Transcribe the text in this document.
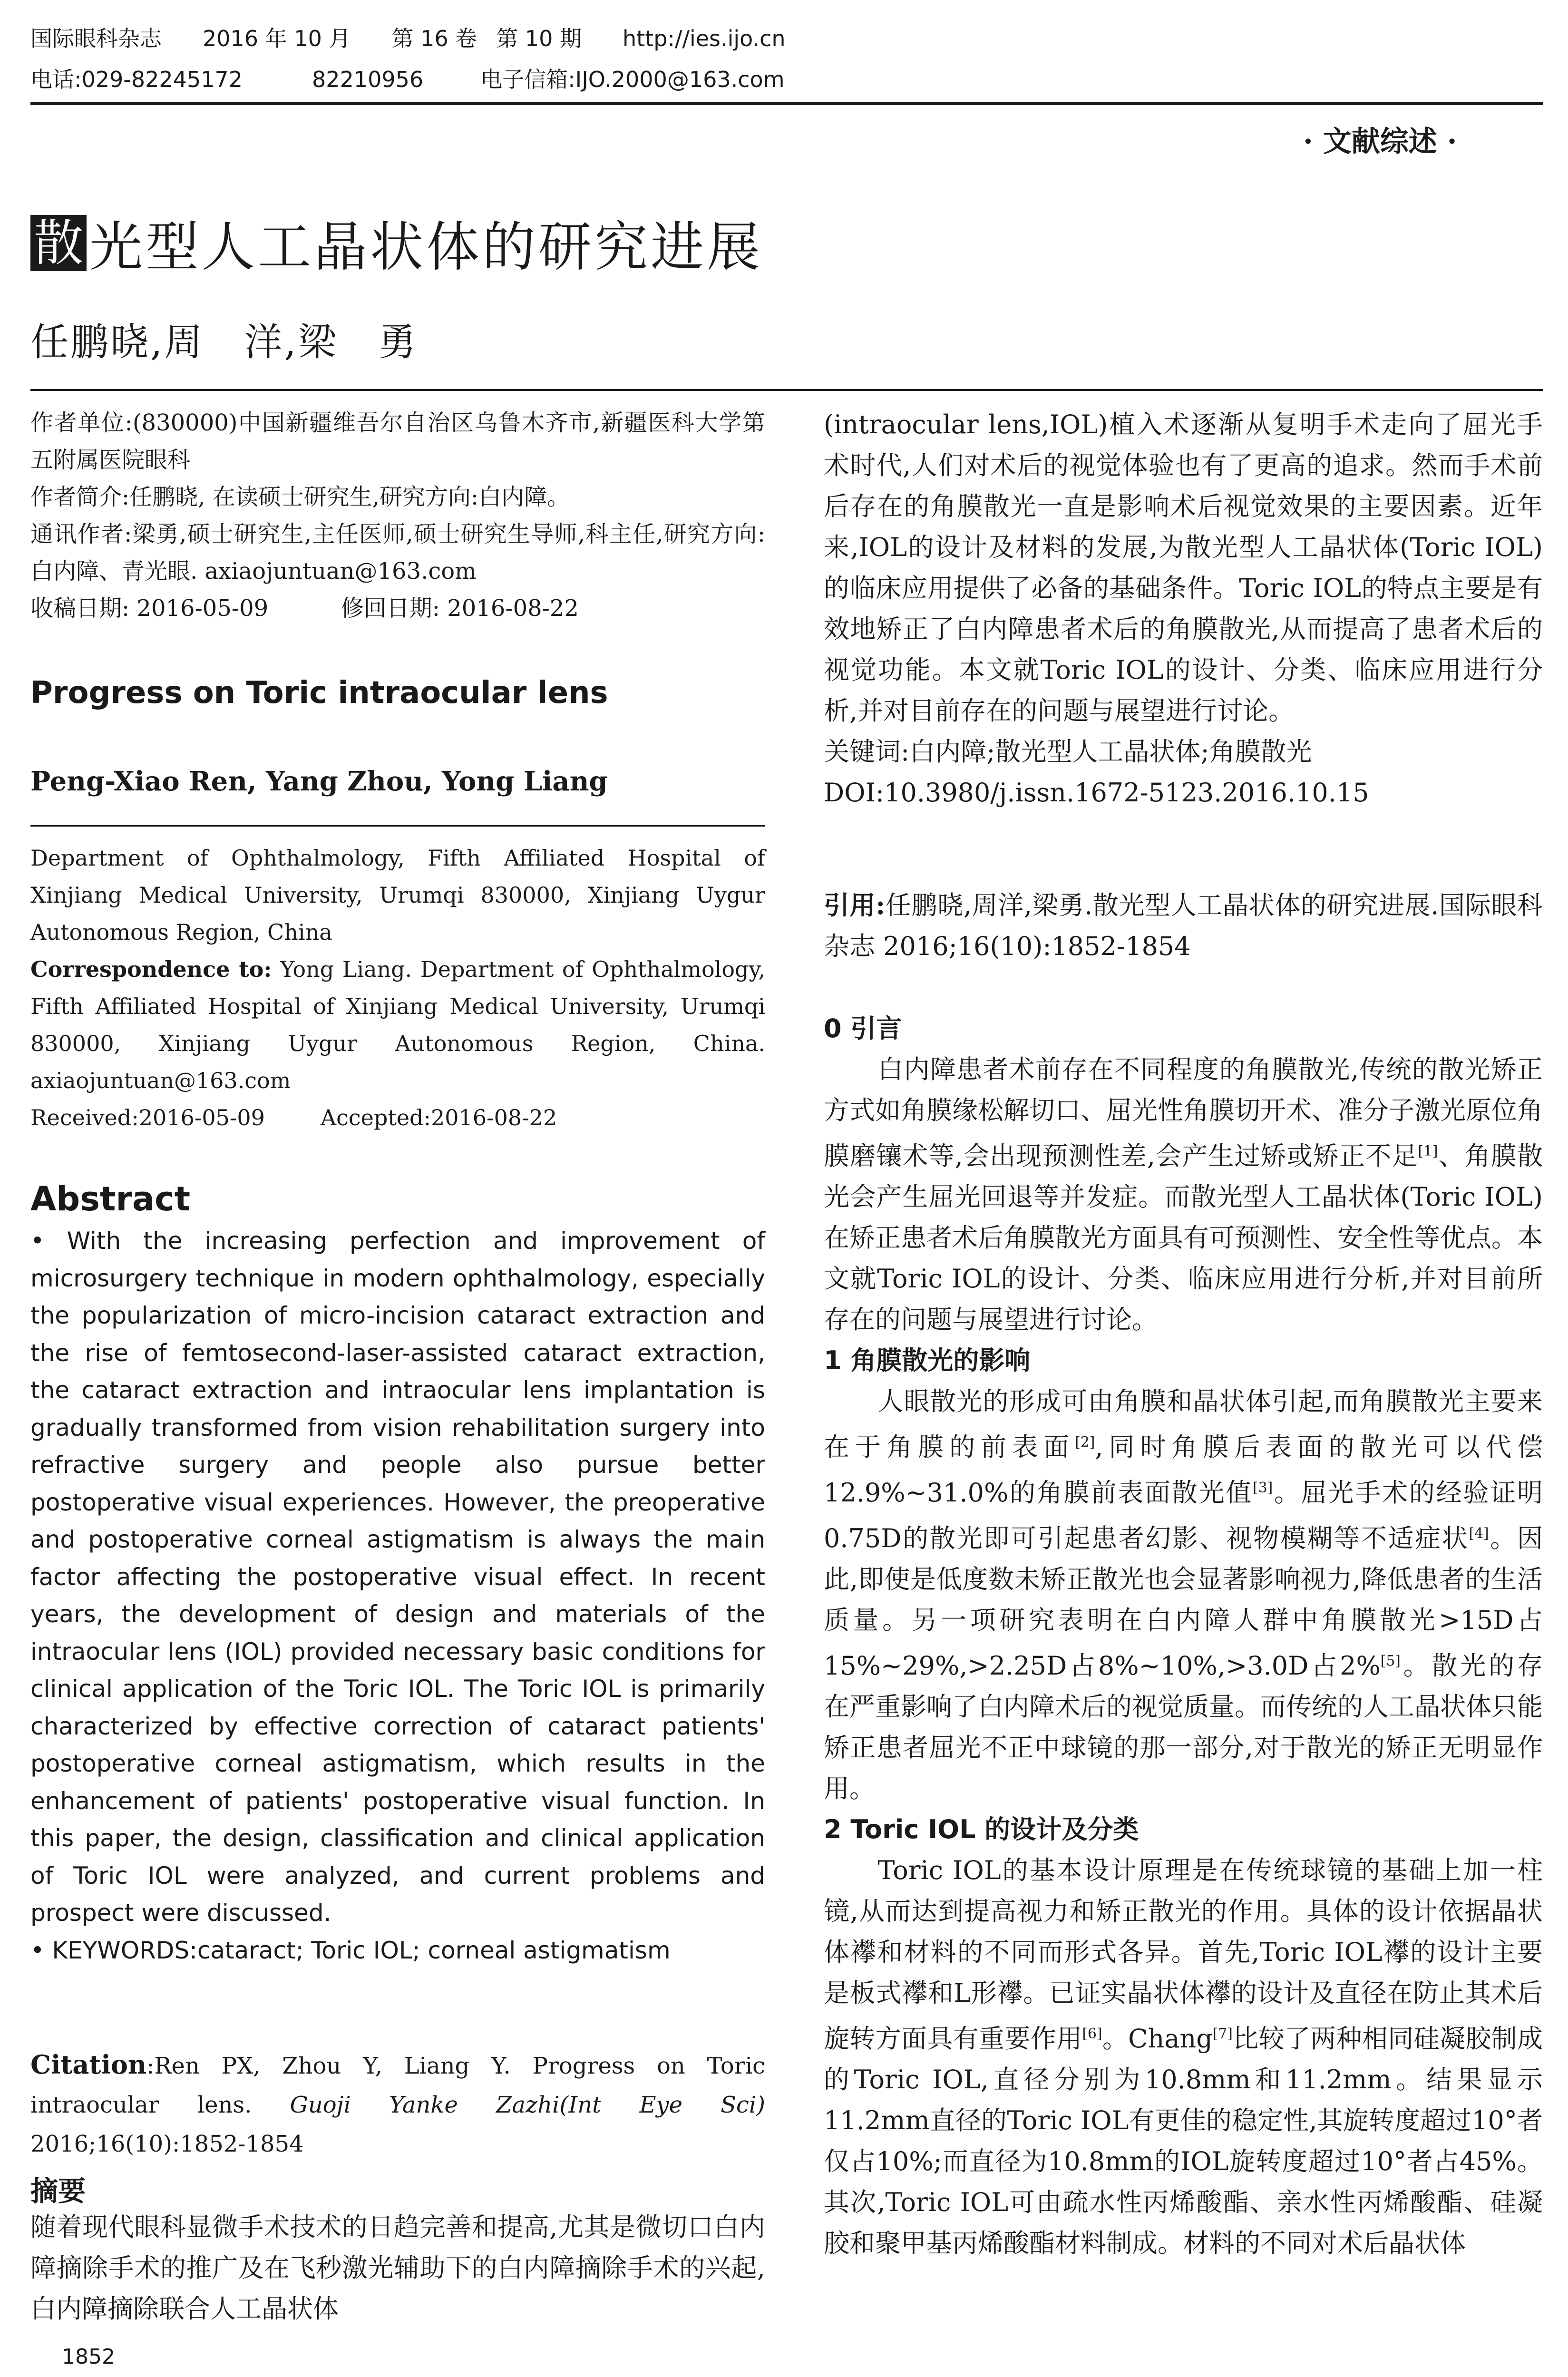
国际眼科杂志 2016 年 10 月 第 16 卷 第 10 期 http://ies.ijo.cn
电话:029-82245172	82210956	电子信箱:IJO.2000@163.com
· 文献综述 ·
散 光型人工晶状体的研究进展
任鹏晓,周　洋,梁　勇
作者单位:(830000)中国新疆维吾尔自治区乌鲁木齐市,新疆医科大学第五附属医院眼科
作者简介:任鹏晓, 在读硕士研究生,研究方向:白内障。
通讯作者:梁勇,硕士研究生,主任医师,硕士研究生导师,科主任,研究方向:白内障、青光眼. axiaojuntuan@163.com
收稿日期: 2016-05-09	修回日期: 2016-08-22
Progress on Toric intraocular lens
Peng-Xiao Ren, Yang Zhou, Yong Liang
Department of Ophthalmology, Fifth Affiliated Hospital of Xinjiang Medical University, Urumqi 830000, Xinjiang Uygur Autonomous Region, China
Correspondence to: Yong Liang. Department of Ophthalmology, Fifth Affiliated Hospital of Xinjiang Medical University, Urumqi 830000, Xinjiang Uygur Autonomous Region, China. axiaojuntuan@163.com
Received:2016-05-09	Accepted:2016-08-22
Abstract
• With the increasing perfection and improvement of microsurgery technique in modern ophthalmology, especially the popularization of micro-incision cataract extraction and the rise of femtosecond-laser-assisted cataract extraction, the cataract extraction and intraocular lens implantation is gradually transformed from vision rehabilitation surgery into refractive surgery and people also pursue better postoperative visual experiences. However, the preoperative and postoperative corneal astigmatism is always the main factor affecting the postoperative visual effect. In recent years, the development of design and materials of the intraocular lens (IOL) provided necessary basic conditions for clinical application of the Toric IOL. The Toric IOL is primarily characterized by effective correction of cataract patients' postoperative corneal astigmatism, which results in the enhancement of patients' postoperative visual function. In this paper, the design, classification and clinical application of Toric IOL were analyzed, and current problems and prospect were discussed.
• KEYWORDS:cataract; Toric IOL; corneal astigmatism
Citation:Ren PX, Zhou Y, Liang Y. Progress on Toric intraocular lens. Guoji Yanke Zazhi(Int Eye Sci) 2016;16(10):1852-1854
摘要

随着现代眼科显微手术技术的日趋完善和提高,尤其是微切口白内障摘除手术的推广及在飞秒激光辅助下的白内障摘除手术的兴起,白内障摘除联合人工晶状体

1852

(intraocular lens,IOL)植入术逐渐从复明手术走向了屈光手术时代,人们对术后的视觉体验也有了更高的追求。然而手术前后存在的角膜散光一直是影响术后视觉效果的主要因素。近年来,IOL的设计及材料的发展,为散光型人工晶状体(Toric IOL)的临床应用提供了必备的基础条件。Toric IOL的特点主要是有效地矫正了白内障患者术后的角膜散光,从而提高了患者术后的视觉功能。本文就Toric IOL的设计、分类、临床应用进行分析,并对目前存在的问题与展望进行讨论。

关键词:白内障;散光型人工晶状体;角膜散光

DOI:10.3980/j.issn.1672-5123.2016.10.15

引用:任鹏晓,周洋,梁勇.散光型人工晶状体的研究进展.国际眼科杂志 2016;16(10):1852-1854

0 引言

白内障患者术前存在不同程度的角膜散光,传统的散光矫正方式如角膜缘松解切口、屈光性角膜切开术、准分子激光原位角膜磨镶术等,会出现预测性差,会产生过矫或矫正不足[1]、角膜散光会产生屈光回退等并发症。而散光型人工晶状体(Toric IOL)在矫正患者术后角膜散光方面具有可预测性、安全性等优点。本文就Toric IOL的设计、分类、临床应用进行分析,并对目前所存在的问题与展望进行讨论。

1 角膜散光的影响

人眼散光的形成可由角膜和晶状体引起,而角膜散光主要来在于角膜的前表面[2],同时角膜后表面的散光可以代偿12.9%~31.0%的角膜前表面散光值[3]。屈光手术的经验证明0.75D的散光即可引起患者幻影、视物模糊等不适症状[4]。因此,即使是低度数未矫正散光也会显著影响视力,降低患者的生活质量。另一项研究表明在白内障人群中角膜散光>15D占15%~29%,>2.25D占8%~10%,>3.0D占2%[5]。散光的存在严重影响了白内障术后的视觉质量。而传统的人工晶状体只能矫正患者屈光不正中球镜的那一部分,对于散光的矫正无明显作用。

2 Toric IOL 的设计及分类

Toric IOL的基本设计原理是在传统球镜的基础上加一柱镜,从而达到提高视力和矫正散光的作用。具体的设计依据晶状体襻和材料的不同而形式各异。首先,Toric IOL襻的设计主要是板式襻和L形襻。已证实晶状体襻的设计及直径在防止其术后旋转方面具有重要作用[6]。Chang[7]比较了两种相同硅凝胶制成的Toric IOL,直径分别为10.8mm和11.2mm。结果显示11.2mm直径的Toric IOL有更佳的稳定性,其旋转度超过10°者仅占10%;而直径为10.8mm的IOL旋转度超过10°者占45%。其次,Toric IOL可由疏水性丙烯酸酯、亲水性丙烯酸酯、硅凝胶和聚甲基丙烯酸酯材料制成。材料的不同对术后晶状体
